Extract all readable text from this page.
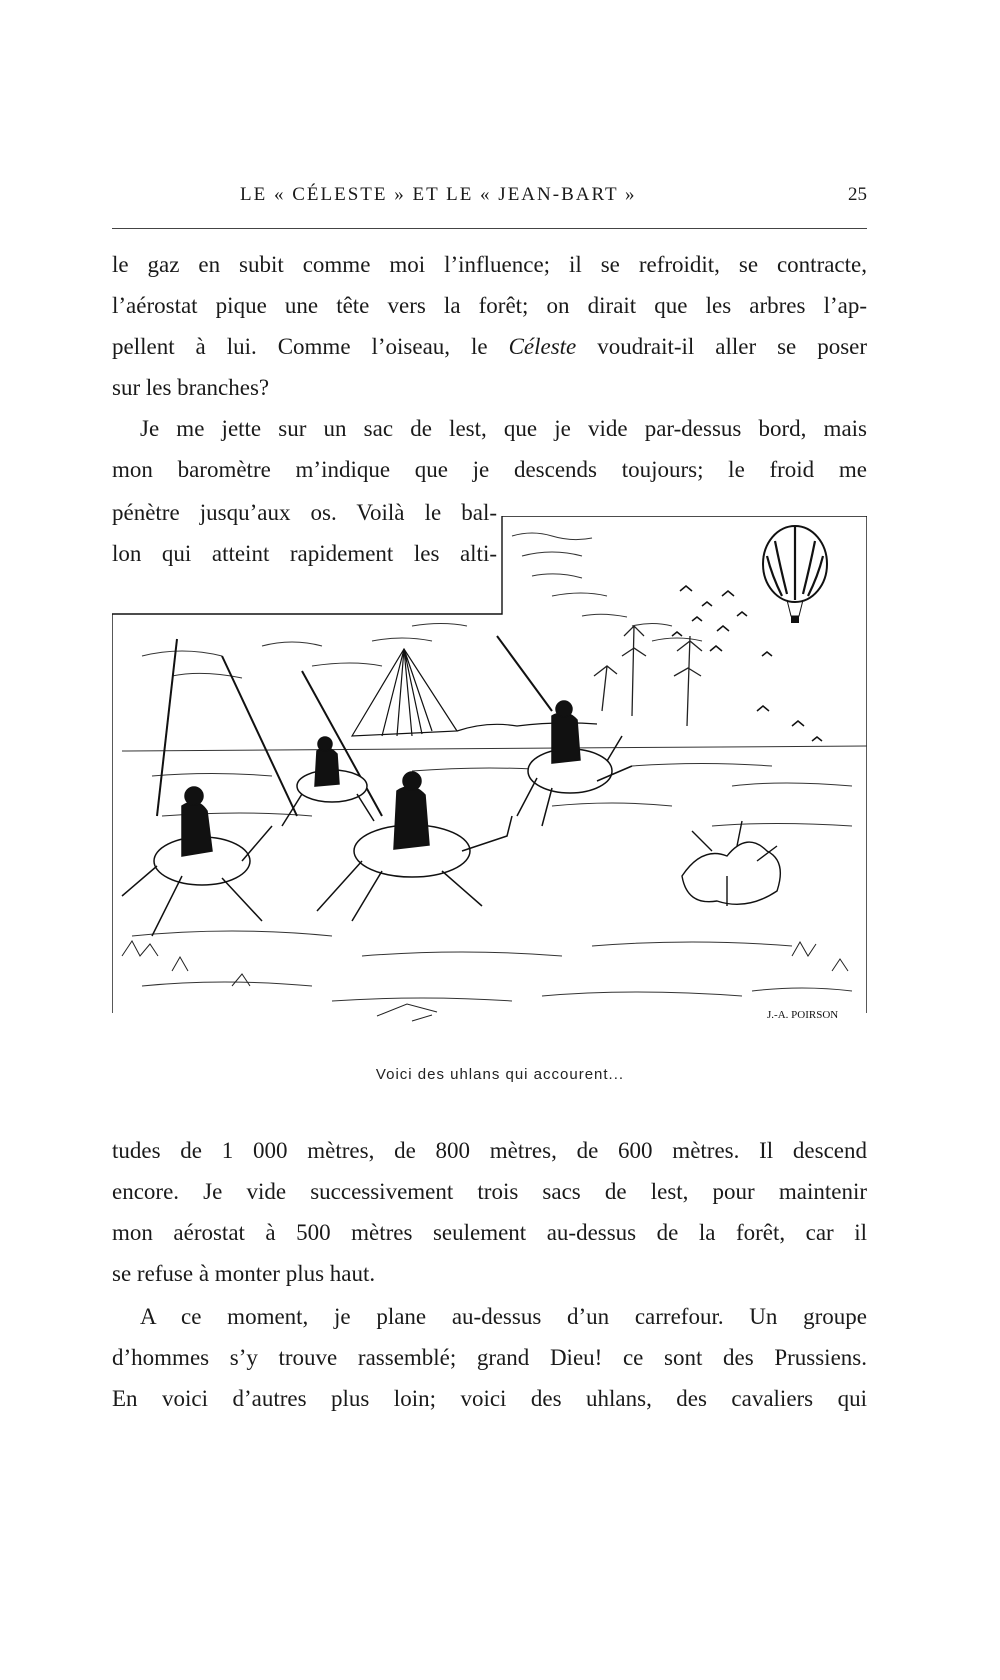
LE « CÉLESTE » ET LE « JEAN-BART »	25
le gaz en subit comme moi l’influence; il se refroidit, se contracte,
l’aérostat pique une tête vers la forêt; on dirait que les arbres l’ap-
pellent à lui. Comme l’oiseau, le Céleste voudrait-il aller se poser
sur les branches?
Je me jette sur un sac de lest, que je vide par-dessus bord, mais
mon baromètre m’indique que je descends toujours; le froid me
pénètre jusqu’aux os. Voilà le bal-
lon qui atteint rapidement les alti-
J.-A. POIRSON
Voici des uhlans qui accourent...
tudes de 1 000 mètres, de 800 mètres, de 600 mètres. Il descend
encore. Je vide successivement trois sacs de lest, pour maintenir
mon aérostat à 500 mètres seulement au-dessus de la forêt, car il
se refuse à monter plus haut.
A ce moment, je plane au-dessus d’un carrefour. Un groupe
d’hommes s’y trouve rassemblé; grand Dieu! ce sont des Prussiens.
En voici d’autres plus loin; voici des uhlans, des cavaliers qui
